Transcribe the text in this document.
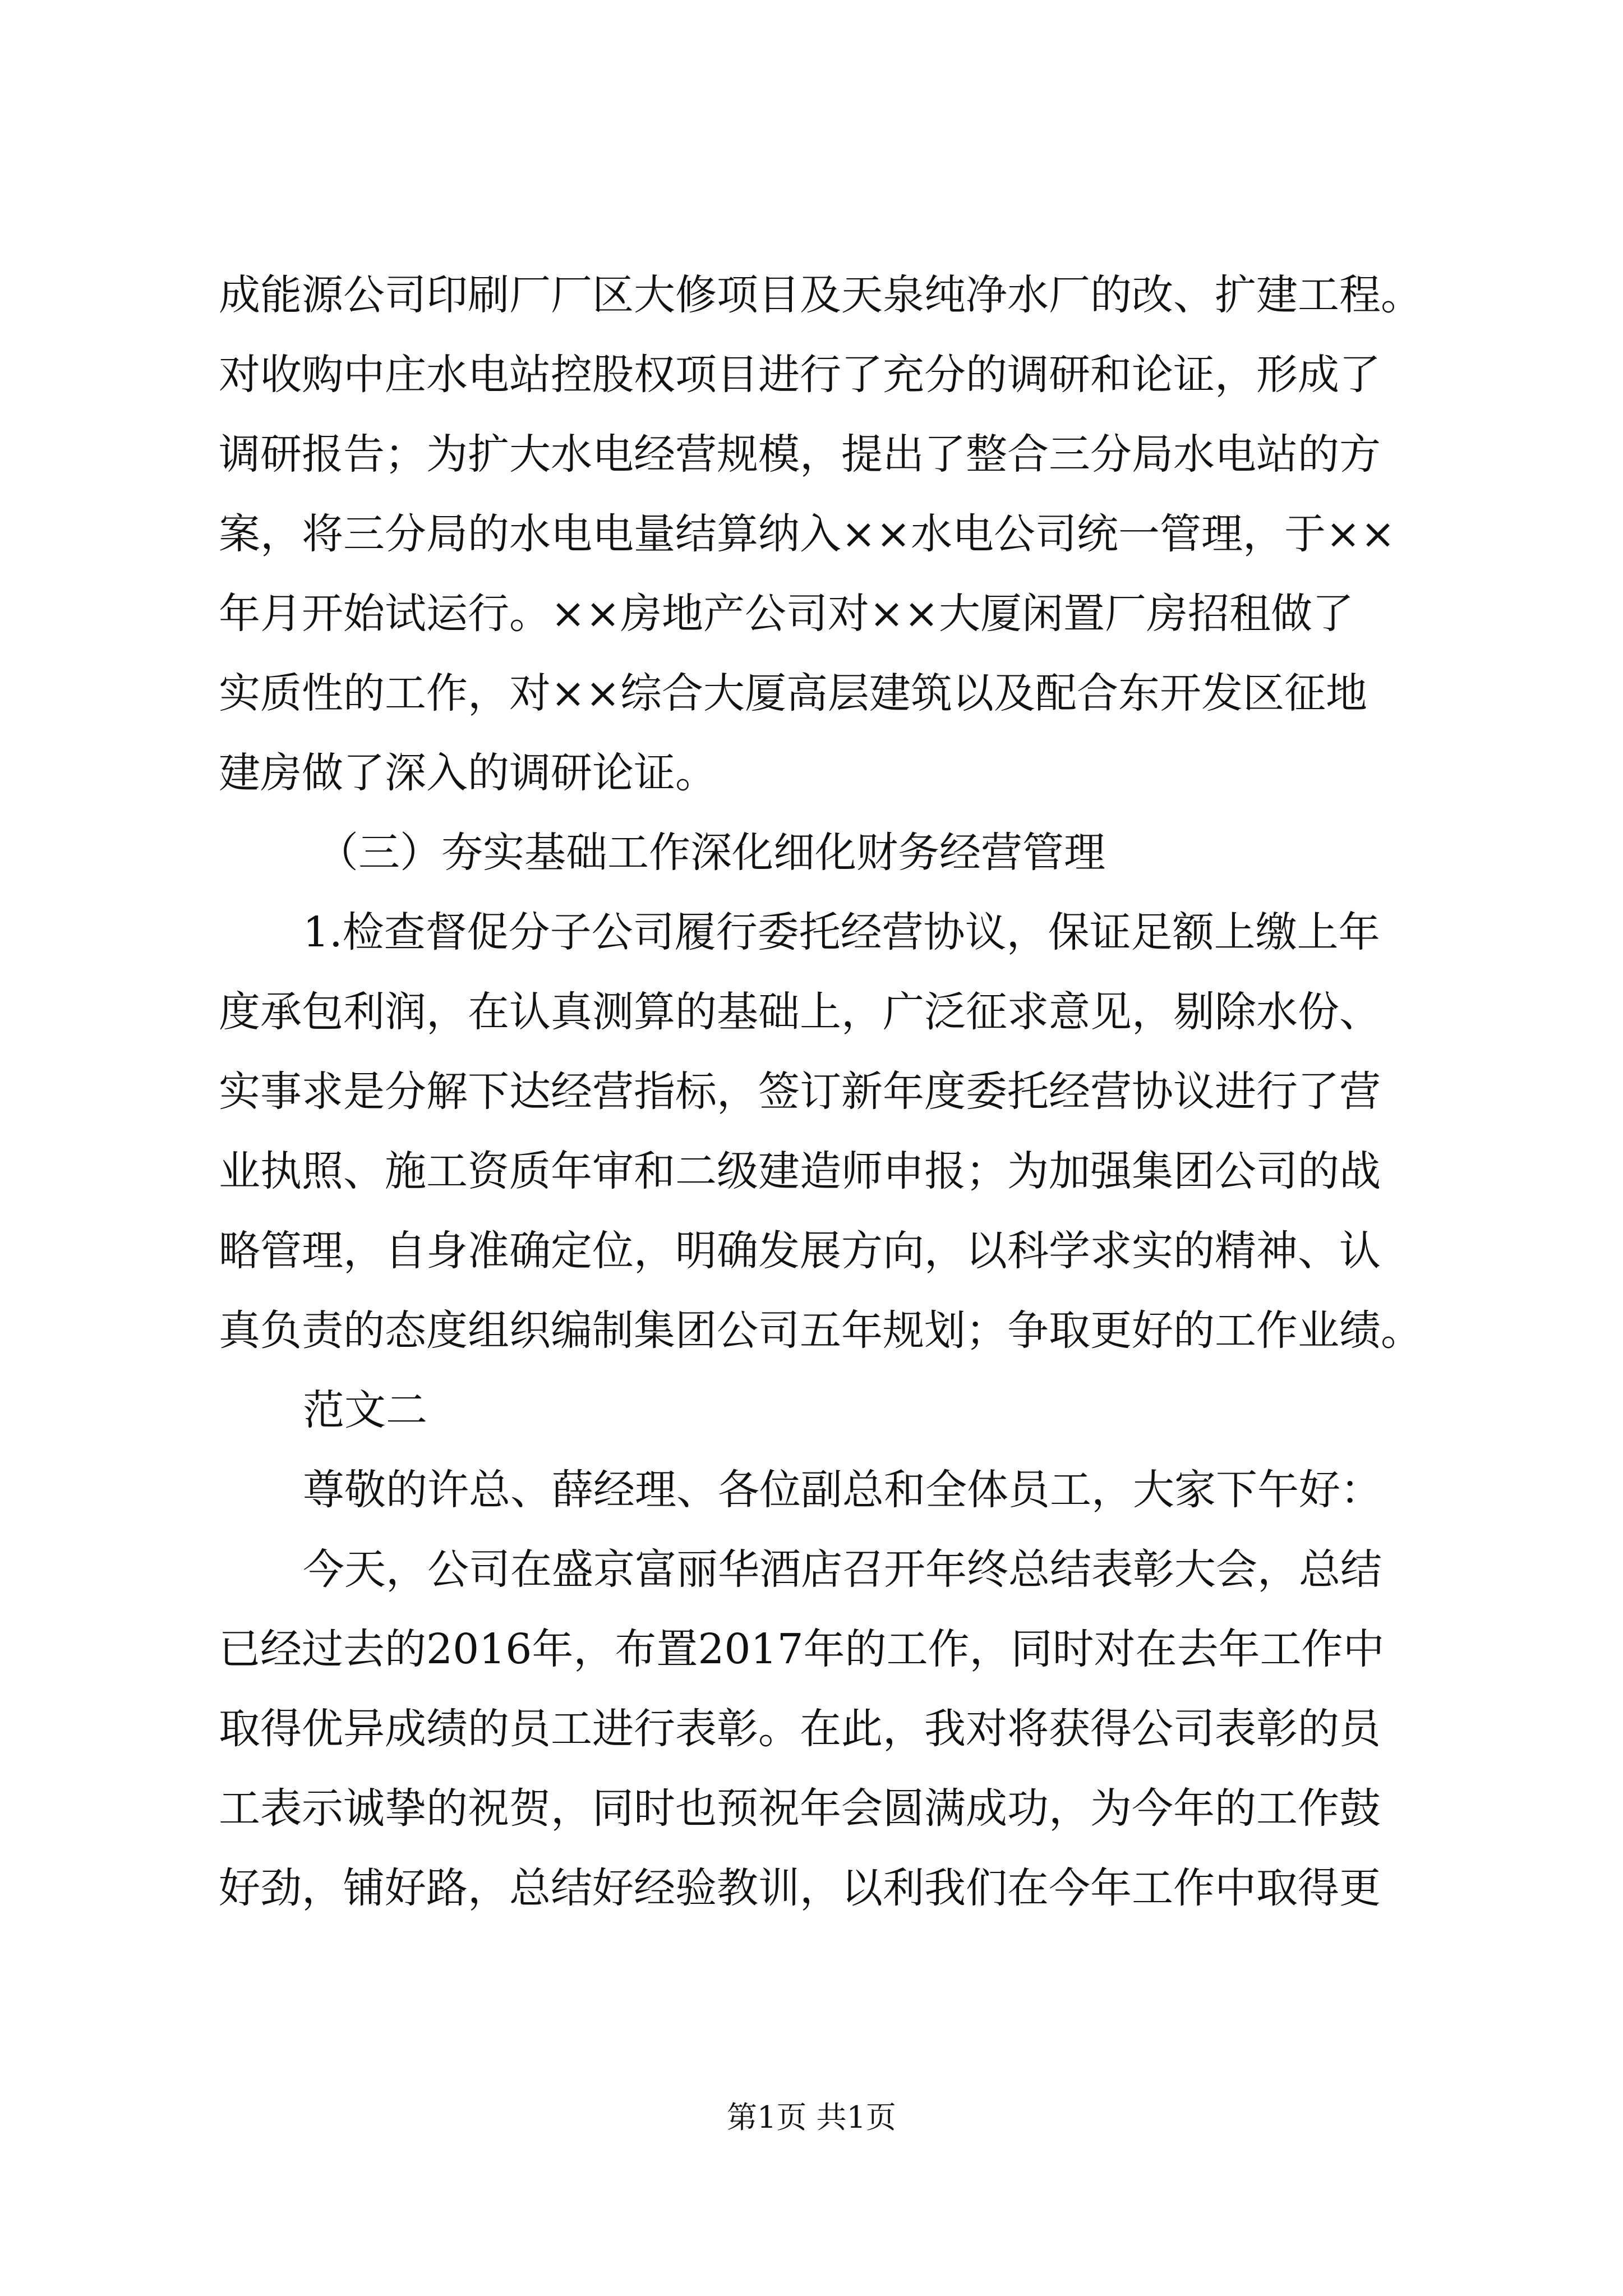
成能源公司印刷厂厂区大修项目及天泉纯净水厂的改、扩建工程。
对收购中庄水电站控股权项目进行了充分的调研和论证，形成了
调研报告；为扩大水电经营规模，提出了整合三分局水电站的方
案，将三分局的水电电量结算纳入××水电公司统一管理，于××
年月开始试运行。××房地产公司对××大厦闲置厂房招租做了
实质性的工作，对××综合大厦高层建筑以及配合东开发区征地
建房做了深入的调研论证。
（三）夯实基础工作深化细化财务经营管理
1.检查督促分子公司履行委托经营协议，保证足额上缴上年
度承包利润，在认真测算的基础上，广泛征求意见，剔除水份、
实事求是分解下达经营指标，签订新年度委托经营协议进行了营
业执照、施工资质年审和二级建造师申报；为加强集团公司的战
略管理，自身准确定位，明确发展方向，以科学求实的精神、认
真负责的态度组织编制集团公司五年规划；争取更好的工作业绩。
范文二
尊敬的许总、薛经理、各位副总和全体员工，大家下午好：
今天，公司在盛京富丽华酒店召开年终总结表彰大会，总结
已经过去的2016年，布置2017年的工作，同时对在去年工作中
取得优异成绩的员工进行表彰。在此，我对将获得公司表彰的员
工表示诚挚的祝贺，同时也预祝年会圆满成功，为今年的工作鼓
好劲，铺好路，总结好经验教训，以利我们在今年工作中取得更
第1页 共1页
